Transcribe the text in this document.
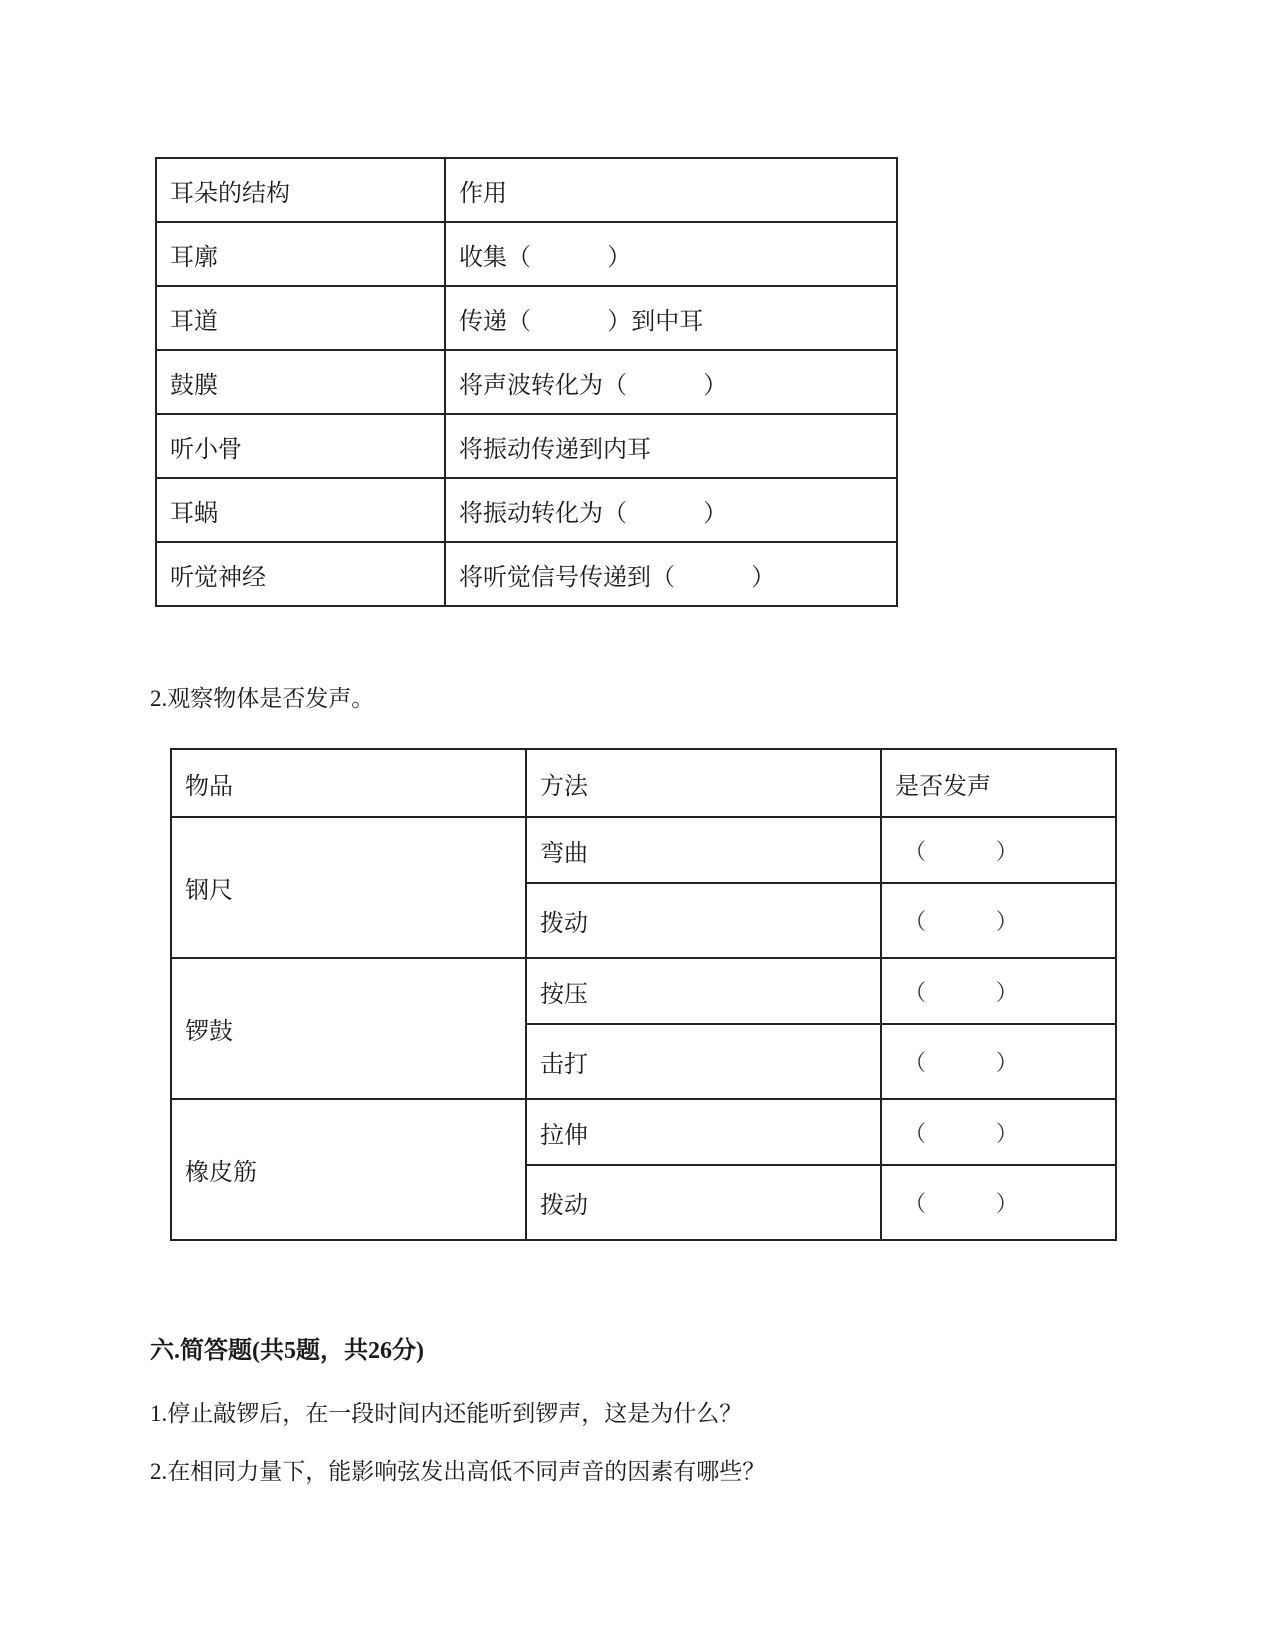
耳朵的结构	作用
耳廓	收集（          ）
耳道	传递（          ）到中耳
鼓膜	将声波转化为（          ）
听小骨	将振动传递到内耳
耳蜗	将振动转化为（          ）
听觉神经	将听觉信号传递到（          ）
2.观察物体是否发声。
物品	方法	是否发声
钢尺	弯曲	（          ）
	拨动	（          ）
锣鼓	按压	（          ）
	击打	（          ）
橡皮筋	拉伸	（          ）
	拨动	（          ）
六.简答题(共5题，共26分)
1.停止敲锣后，在一段时间内还能听到锣声，这是为什么？
2.在相同力量下，能影响弦发出高低不同声音的因素有哪些？
